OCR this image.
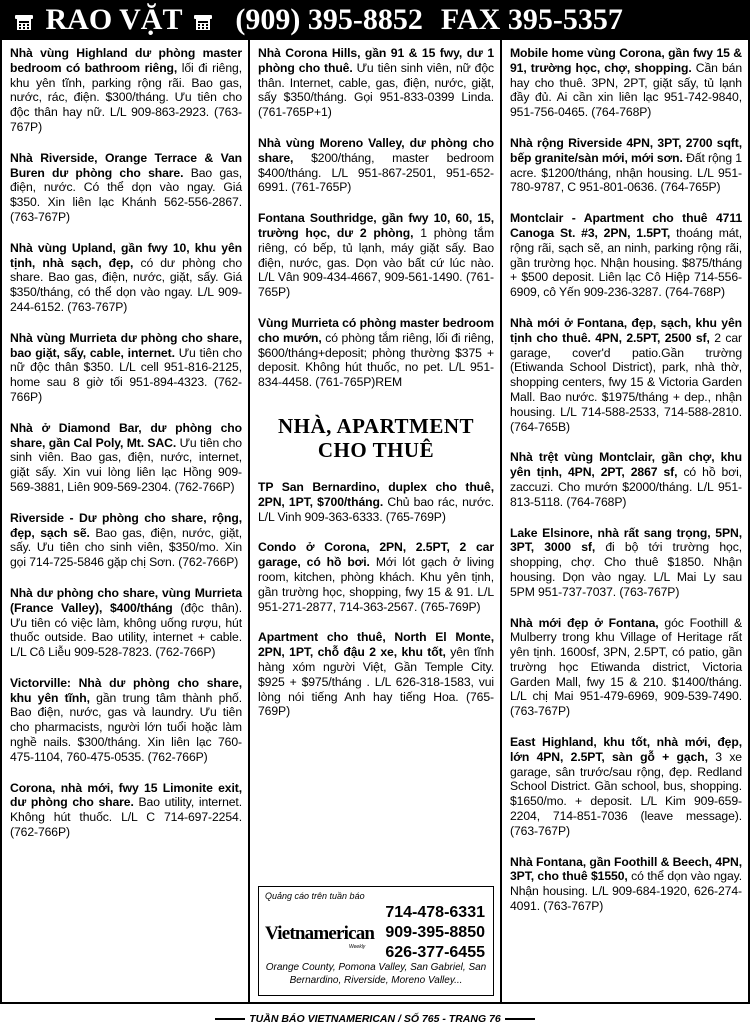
RAO VẶT	(909) 395-8852 FAX 395-5357

Nhà vùng Highland dư phòng master bedroom có bathroom riêng, lối đi riêng, khu yên tĩnh, parking rộng rãi. Bao gas, nước, rác, điện. $300/tháng. Ưu tiên cho độc thân hay nữ. L/L 909-863-2923. (763-767P)

Nhà Riverside, Orange Terrace & Van Buren dư phòng cho share. Bao gas, điện, nước. Có thể dọn vào ngay. Giá $350. Xin liên lạc Khánh 562-556-2867. (763-767P)

Nhà vùng Upland, gần fwy 10, khu yên tịnh, nhà sạch, đẹp, có dư phòng cho share. Bao gas, điện, nước, giặt, sấy. Giá $350/tháng, có thể dọn vào ngay. L/L 909-244-6152. (763-767P)

Nhà vùng Murrieta dư phòng cho share, bao giặt, sấy, cable, internet. Ưu tiên cho nữ độc thân $350. L/L cell 951-816-2125, home sau 8 giờ tối 951-894-4323. (762-766P)

Nhà ở Diamond Bar, dư phòng cho share, gần Cal Poly, Mt. SAC. Ưu tiên cho sinh viên. Bao gas, điện, nước, internet, giặt sấy. Xin vui lòng liên lạc Hồng 909-569-3881, Liên 909-569-2304. (762-766P)

Riverside - Dư phòng cho share, rộng, đẹp, sạch sẽ. Bao gas, điện, nước, giặt, sấy. Ưu tiên cho sinh viên, $350/mo. Xin gọi 714-725-5846 gặp chị Sơn. (762-766P)

Nhà dư phòng cho share, vùng Murrieta (France Valley), $400/tháng (độc thân). Ưu tiên có việc làm, không uống rượu, hút thuốc outside. Bao utility, internet + cable. L/L Cô Liễu 909-528-7823. (762-766P)

Victorville: Nhà dư phòng cho share, khu yên tĩnh, gần trung tâm thành phố. Bao điện, nước, gas và laundry. Ưu tiên cho pharmacists, người lớn tuổi hoặc làm nghề nails. $300/tháng. Xin liên lạc 760-475-1104, 760-475-0535. (762-766P)

Corona, nhà mới, fwy 15 Limonite exit, dư phòng cho share. Bao utility, internet. Không hút thuốc. L/L C 714-697-2254. (762-766P)

Nhà Corona Hills, gần 91 & 15 fwy, dư 1 phòng cho thuê. Ưu tiên sinh viên, nữ độc thân. Internet, cable, gas, điện, nước, giặt, sấy $350/tháng. Gọi 951-833-0399 Linda. (761-765P+1)

Nhà vùng Moreno Valley, dư phòng cho share, $200/tháng, master bedroom $400/tháng. L/L 951-867-2501, 951-652-6991. (761-765P)

Fontana Southridge, gần fwy 10, 60, 15, trường học, dư 2 phòng, 1 phòng tắm riêng, có bếp, tủ lạnh, máy giặt sấy. Bao điện, nước, gas. Dọn vào bất cứ lúc nào. L/L Vân 909-434-4667, 909-561-1490. (761-765P)

Vùng Murrieta có phòng master bedroom cho mướn, có phòng tắm riêng, lối đi riêng, $600/tháng+deposit; phòng thường $375 + deposit. Không hút thuốc, no pet. L/L 951-834-4458. (761-765P)REM

NHÀ, APARTMENT CHO THUÊ

TP San Bernardino, duplex cho thuê, 2PN, 1PT, $700/tháng. Chủ bao rác, nước. L/L Vinh 909-363-6333. (765-769P)

Condo ở Corona, 2PN, 2.5PT, 2 car garage, có hồ bơi. Mới lót gạch ở living room, kitchen, phòng khách. Khu yên tịnh, gần trường học, shopping, fwy 15 & 91. L/L 951-271-2877, 714-363-2567. (765-769P)

Apartment cho thuê, North El Monte, 2PN, 1PT, chỗ đậu 2 xe, khu tốt, yên tĩnh hàng xóm người Việt, Gần Temple City. $925 + $975/tháng . L/L 626-318-1583, vui lòng nói tiếng Anh hay tiếng Hoa. (765-769P)

Quảng cáo trên tuần báo
Vietnamerican
Weekly
714-478-6331
909-395-8850
626-377-6455
Orange County, Pomona Valley, San Gabriel, San Bernardino, Riverside, Moreno Valley...

Mobile home vùng Corona, gần fwy 15 & 91, trường học, chợ, shopping. Cần bán hay cho thuê. 3PN, 2PT, giặt sấy, tủ lạnh đầy đủ. Ai cần xin liên lạc 951-742-9840, 951-756-0465. (764-768P)

Nhà rộng Riverside 4PN, 3PT, 2700 sqft, bếp granite/sàn mới, mới sơn. Đất rộng 1 acre. $1200/tháng, nhận housing. L/L 951-780-9787, C 951-801-0636. (764-765P)

Montclair - Apartment cho thuê 4711 Canoga St. #3, 2PN, 1.5PT, thoáng mát, rộng rãi, sạch sẽ, an ninh, parking rộng rãi, gần trường học. Nhận housing. $875/tháng + $500 deposit. Liên lạc Cô Hiệp 714-556-6909, cô Yến 909-236-3287. (764-768P)

Nhà mới ở Fontana, đẹp, sạch, khu yên tịnh cho thuê. 4PN, 2.5PT, 2500 sf, 2 car garage, cover'd patio.Gần trường (Etiwanda School District), park, nhà thờ, shopping centers, fwy 15 & Victoria Garden Mall. Bao nước. $1975/tháng + dep., nhận housing. L/L 714-588-2533, 714-588-2810. (764-765B)

Nhà trệt vùng Montclair, gần chợ, khu yên tịnh, 4PN, 2PT, 2867 sf, có hồ bơi, zaccuzi. Cho mướn $2000/tháng. L/L 951-813-5118. (764-768P)

Lake Elsinore, nhà rất sang trọng, 5PN, 3PT, 3000 sf, đi bộ tới trường học, shopping, chợ. Cho thuê $1850. Nhận housing. Dọn vào ngay. L/L Mai Ly sau 5PM 951-737-7037. (763-767P)

Nhà mới đẹp ở Fontana, góc Foothill & Mulberry trong khu Village of Heritage rất yên tịnh. 1600sf, 3PN, 2.5PT, có patio, gần trường học Etiwanda district, Victoria Garden Mall, fwy 15 & 210. $1400/tháng. L/L chị Mai 951-479-6969, 909-539-7490. (763-767P)

East Highland, khu tốt, nhà mới, đẹp, lớn 4PN, 2.5PT, sàn gỗ + gạch, 3 xe garage, sân trước/sau rộng, đẹp. Redland School District. Gần school, bus, shopping. $1650/mo. + deposit. L/L Kim 909-659-2204, 714-851-7036 (leave message). (763-767P)

Nhà Fontana, gần Foothill & Beech, 4PN, 3PT, cho thuê $1550, có thể dọn vào ngay. Nhận housing. L/L 909-684-1920, 626-274-4091. (763-767P)

TUẦN BÁO VIETNAMERICAN / SỐ 765 - TRANG 76
